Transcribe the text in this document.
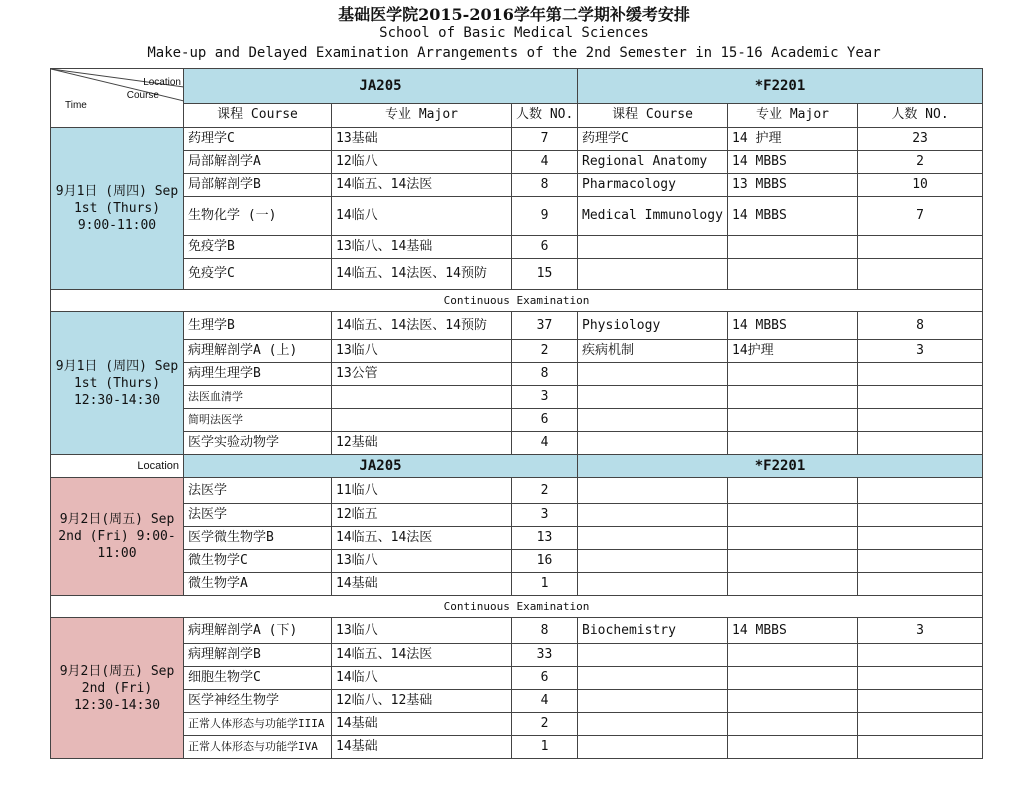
基础医学院2015-2016学年第二学期补缓考安排
School of Basic Medical Sciences
Make-up and Delayed Examination Arrangements of the 2nd Semester in 15-16 Academic Year
Location
Course
Time	JA205			*F2201		
	课程 Course	专业 Major	人数 NO.	课程 Course	专业 Major	人数 NO.
9月1日 (周四) Sep 1st (Thurs) 9:00-11:00	药理学C	13基础	7	药理学C	14 护理	23
	局部解剖学A	12临八	4	Regional Anatomy	14 MBBS	2
	局部解剖学B	14临五、14法医	8	Pharmacology	13 MBBS	10
	生物化学 (一)	14临八	9	Medical Immunology	14 MBBS	7
	免疫学B	13临八、14基础	6			
	免疫学C	14临五、14法医、14预防	15			
Continuous Examination						
9月1日 (周四) Sep 1st (Thurs) 12:30-14:30	生理学B	14临五、14法医、14预防	37	Physiology	14 MBBS	8
	病理解剖学A (上)	13临八	2	疾病机制	14护理	3
	病理生理学B	13公管	8			
	法医血清学		3			
	简明法医学		6			
	医学实验动物学	12基础	4			
Location	JA205			*F2201		
9月2日(周五) Sep 2nd (Fri) 9:00-11:00	法医学	11临八	2			
	法医学	12临五	3			
	医学微生物学B	14临五、14法医	13			
	微生物学C	13临八	16			
	微生物学A	14基础	1			
Continuous Examination						
9月2日(周五) Sep 2nd (Fri) 12:30-14:30	病理解剖学A (下)	13临八	8	Biochemistry	14 MBBS	3
	病理解剖学B	14临五、14法医	33			
	细胞生物学C	14临八	6			
	医学神经生物学	12临八、12基础	4			
	正常人体形态与功能学IIIA	14基础	2			
	正常人体形态与功能学IVA	14基础	1			
